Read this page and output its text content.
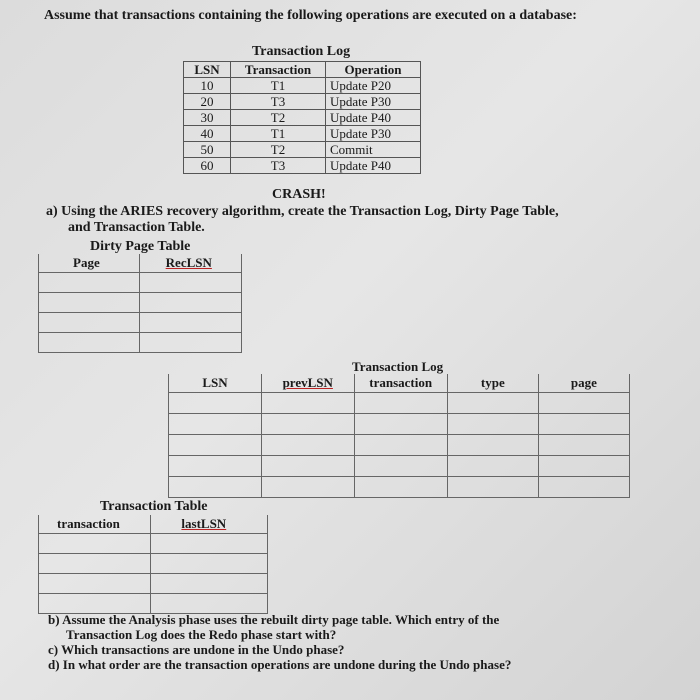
Assume that transactions containing the following operations are executed on a database:
Transaction Log
LSN	Transaction	Operation
10	T1	Update P20
20	T3	Update P30
30	T2	Update P40
40	T1	Update P30
50	T2	Commit
60	T3	Update P40
CRASH!
a) Using the ARIES recovery algorithm, create the Transaction Log, Dirty Page Table,
and Transaction Table.
Dirty Page Table
Page	RecLSN

Transaction Log
LSN	prevLSN	transaction	type	page

Transaction Table
transaction	lastLSN

b) Assume the Analysis phase uses the rebuilt dirty page table. Which entry of the
Transaction Log does the Redo phase start with?
c) Which transactions are undone in the Undo phase?
d) In what order are the transaction operations are undone during the Undo phase?
